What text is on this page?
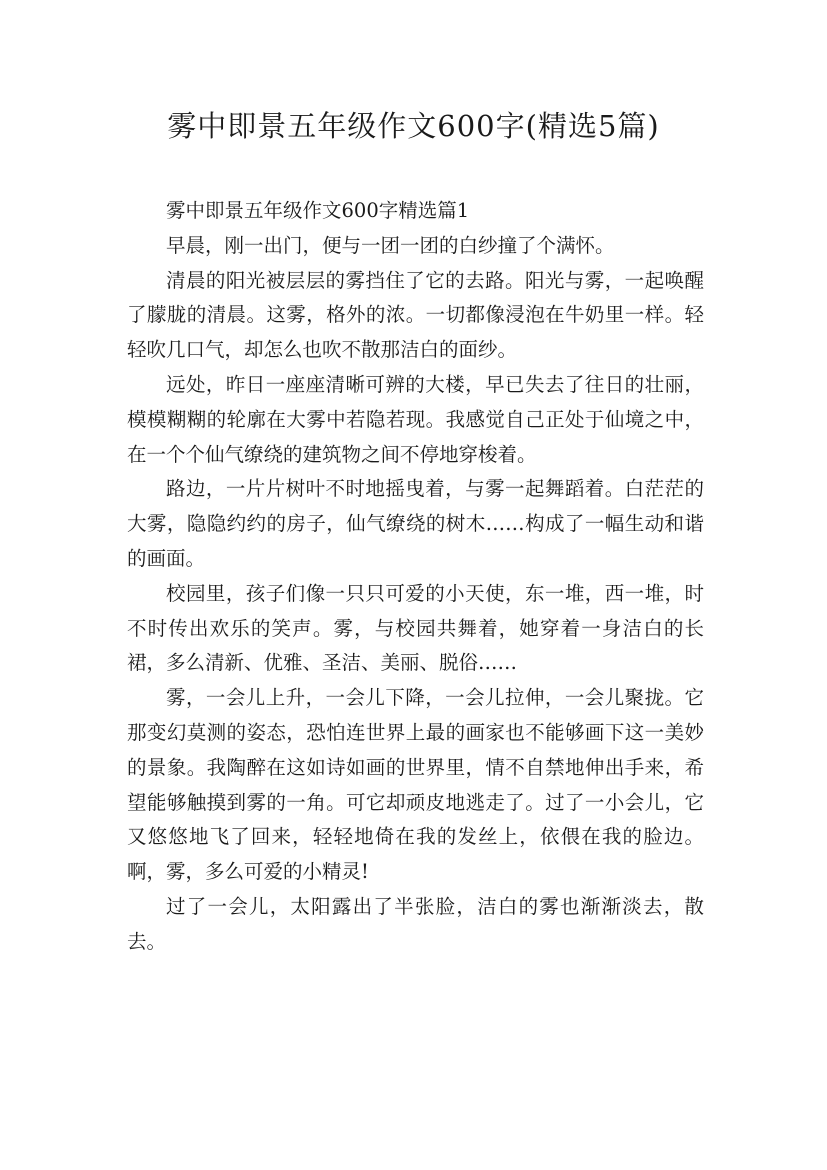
雾中即景五年级作文600字(精选5篇)

雾中即景五年级作文600字精选篇1

早晨，刚一出门，便与一团一团的白纱撞了个满怀。

清晨的阳光被层层的雾挡住了它的去路。阳光与雾，一起唤醒了朦胧的清晨。这雾，格外的浓。一切都像浸泡在牛奶里一样。轻轻吹几口气，却怎么也吹不散那洁白的面纱。

远处，昨日一座座清晰可辨的大楼，早已失去了往日的壮丽，模模糊糊的轮廓在大雾中若隐若现。我感觉自己正处于仙境之中，在一个个仙气缭绕的建筑物之间不停地穿梭着。

路边，一片片树叶不时地摇曳着，与雾一起舞蹈着。白茫茫的大雾，隐隐约约的房子，仙气缭绕的树木……构成了一幅生动和谐的画面。

校园里，孩子们像一只只可爱的小天使，东一堆，西一堆，时不时传出欢乐的笑声。雾，与校园共舞着，她穿着一身洁白的长裙，多么清新、优雅、圣洁、美丽、脱俗……

雾，一会儿上升，一会儿下降，一会儿拉伸，一会儿聚拢。它那变幻莫测的姿态，恐怕连世界上最的画家也不能够画下这一美妙的景象。我陶醉在这如诗如画的世界里，情不自禁地伸出手来，希望能够触摸到雾的一角。可它却顽皮地逃走了。过了一小会儿，它又悠悠地飞了回来，轻轻地倚在我的发丝上，依偎在我的脸边。啊，雾，多么可爱的小精灵!

过了一会儿，太阳露出了半张脸，洁白的雾也渐渐淡去，散去。
